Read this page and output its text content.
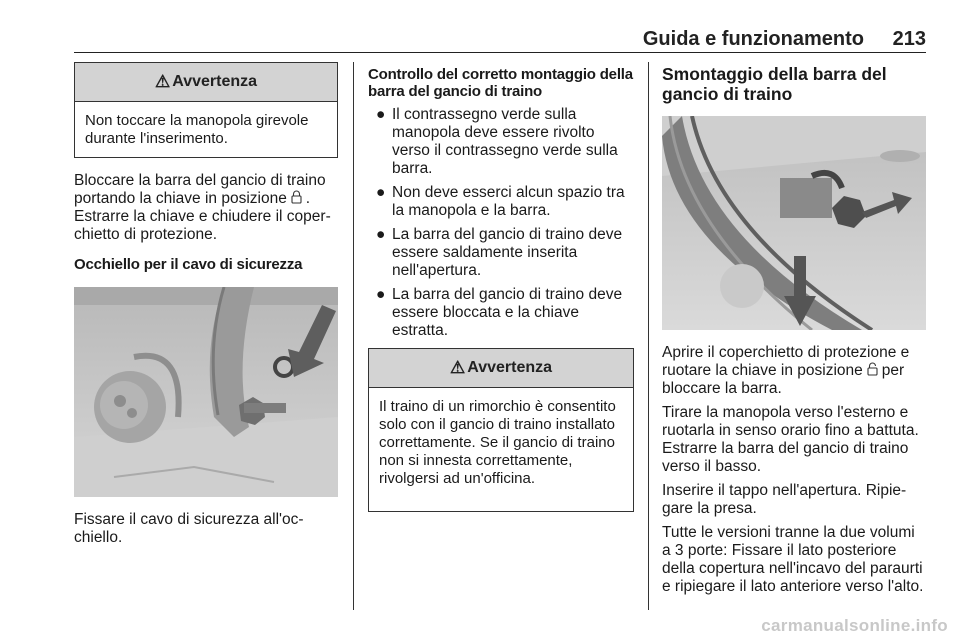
Guida e funzionamento 213
⚠ Avvertenza
Non toccare la manopola girevole durante l'inserimento.

Bloccare la barra del gancio di traino portando la chiave in posizione .

Estrarre la chiave e chiudere il coperchietto di protezione.

Occhiello per il cavo di sicurezza

Fissare il cavo di sicurezza all'occhiello.

Controllo del corretto montaggio della barra del gancio di traino

● Il contrassegno verde sulla manopola deve essere rivolto verso il contrassegno verde sulla barra.
● Non deve esserci alcun spazio tra la manopola e la barra.
● La barra del gancio di traino deve essere saldamente inserita nell'apertura.
● La barra del gancio di traino deve essere bloccata e la chiave estratta.
⚠ Avvertenza
Il traino di un rimorchio è consentito solo con il gancio di traino installato correttamente. Se il gancio di traino non si innesta correttamente, rivolgersi ad un'officina.

Smontaggio della barra del gancio di traino

Aprire il coperchietto di protezione e ruotare la chiave in posizione  per bloccare la barra.

Tirare la manopola verso l'esterno e ruotarla in senso orario fino a battuta.

Estrarre la barra del gancio di traino verso il basso.

Inserire il tappo nell'apertura. Ripiegare la presa.

Tutte le versioni tranne la due volumi a 3 porte: Fissare il lato posteriore della copertura nell'incavo del paraurti e ripiegare il lato anteriore verso l'alto.

carmanualsonline.info
